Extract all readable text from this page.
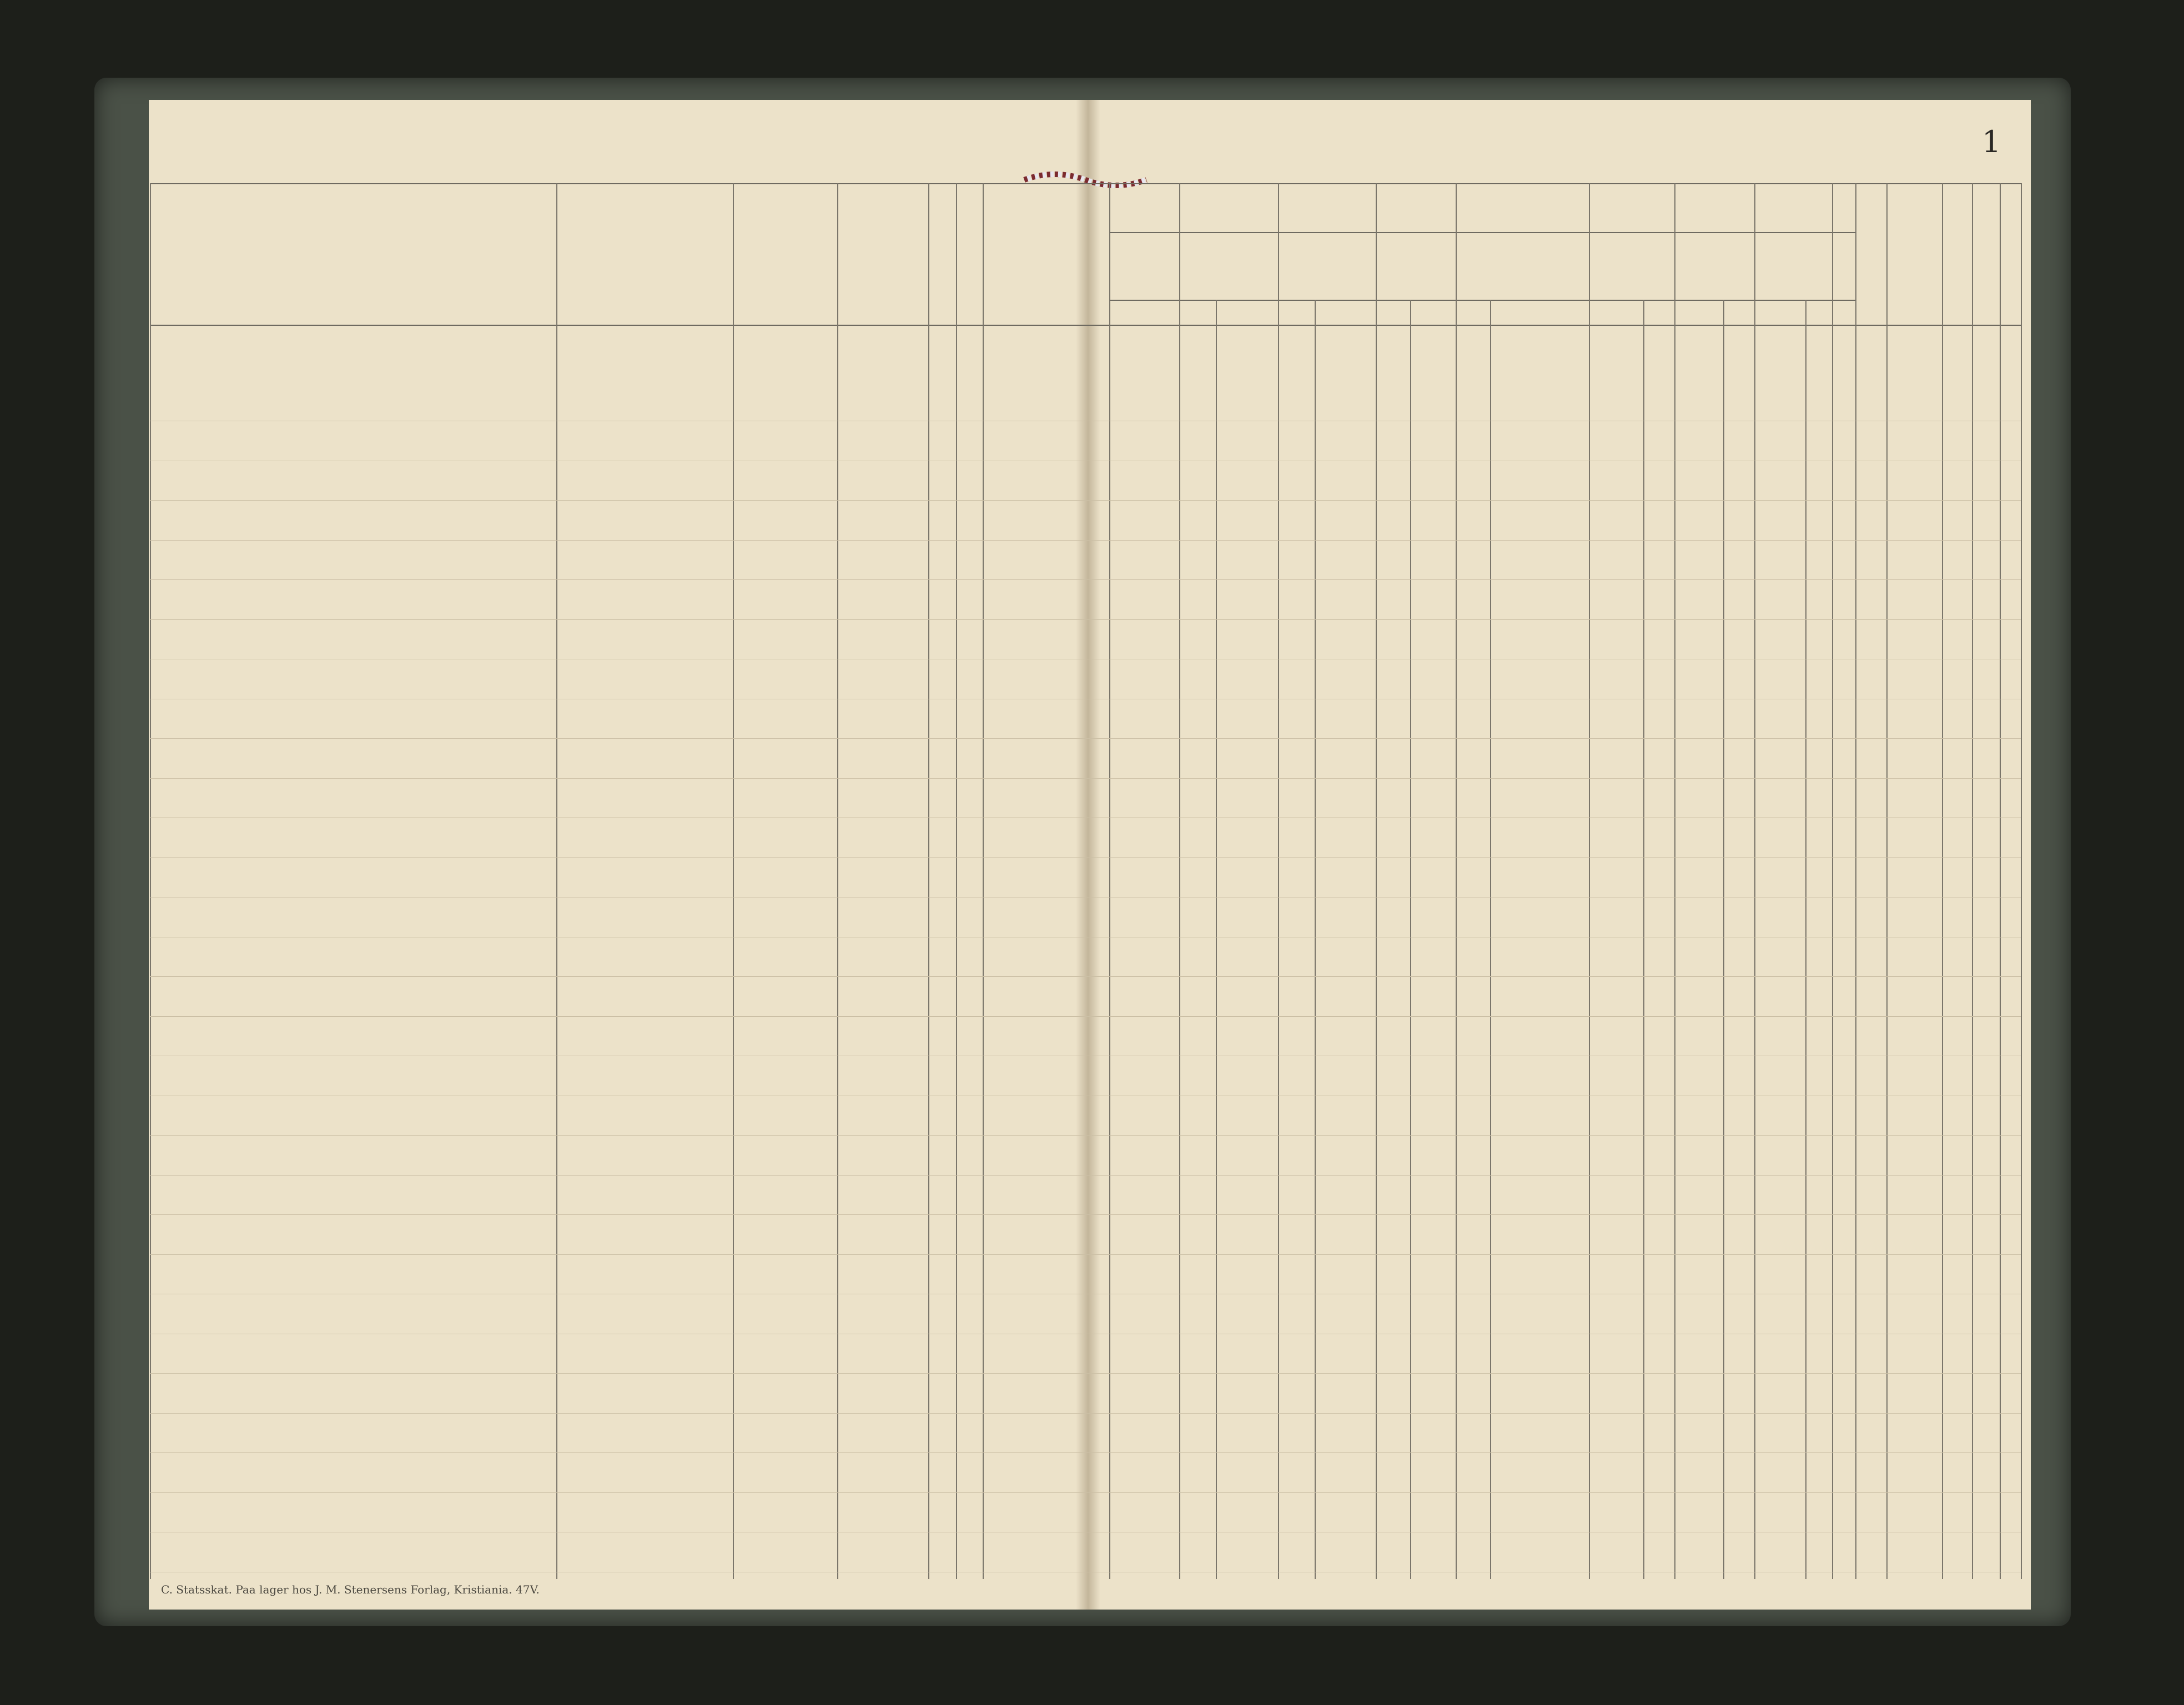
1
C. Statsskat. Paa lager hos J. M. Stenersens Forlag, Kristiania. 47V.
